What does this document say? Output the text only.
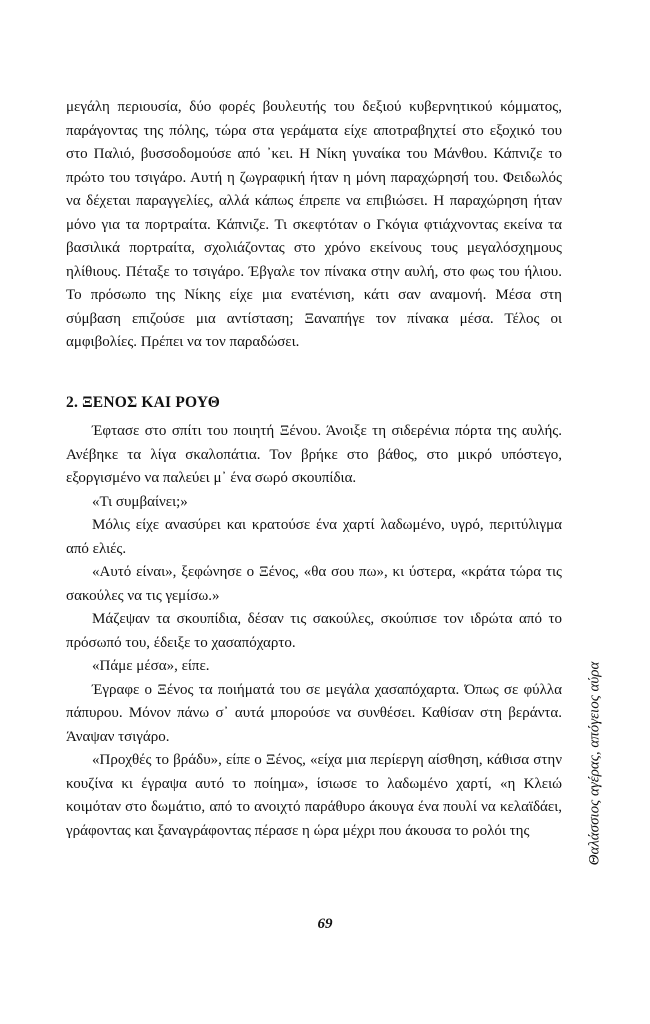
μεγάλη περιουσία, δύο φορές βουλευτής του δεξιού κυβερνητικού κόμματος, παράγοντας της πόλης, τώρα στα γεράματα είχε αποτραβηχτεί στο εξοχικό του στο Παλιό, βυσσοδομούσε από ᾽κει. Η Νίκη γυναίκα του Μάνθου. Κάπνιζε το πρώτο του τσιγάρο. Αυτή η ζωγραφική ήταν η μόνη παραχώρησή του. Φειδωλός να δέχεται παραγγελίες, αλλά κάπως έπρεπε να επιβιώσει. Η παραχώρηση ήταν μόνο για τα πορτραίτα. Κάπνιζε. Τι σκεφτόταν ο Γκόγια φτιάχνοντας εκείνα τα βασιλικά πορτραίτα, σχολιάζοντας στο χρόνο εκείνους τους μεγαλόσχημους ηλίθιους. Πέταξε το τσιγάρο. Έβγαλε τον πίνακα στην αυλή, στο φως του ήλιου. Το πρόσωπο της Νίκης είχε μια ενατένιση, κάτι σαν αναμονή. Μέσα στη σύμβαση επιζούσε μια αντίσταση; Ξαναπήγε τον πίνακα μέσα. Τέλος οι αμφιβολίες. Πρέπει να τον παραδώσει.

2. ΞΕΝΟΣ ΚΑΙ ΡΟΥΘ

Έφτασε στο σπίτι του ποιητή Ξένου. Άνοιξε τη σιδερένια πόρτα της αυλής. Ανέβηκε τα λίγα σκαλοπάτια. Τον βρήκε στο βάθος, στο μικρό υπόστεγο, εξοργισμένο να παλεύει μ᾽ ένα σωρό σκουπίδια.

«Τι συμβαίνει;»

Μόλις είχε ανασύρει και κρατούσε ένα χαρτί λαδωμένο, υγρό, περιτύλιγμα από ελιές.

«Αυτό είναι», ξεφώνησε ο Ξένος, «θα σου πω», κι ύστερα, «κράτα τώρα τις σακούλες να τις γεμίσω.»

Μάζεψαν τα σκουπίδια, δέσαν τις σακούλες, σκούπισε τον ιδρώτα από το πρόσωπό του, έδειξε το χασαπόχαρτο.

«Πάμε μέσα», είπε.

Έγραφε ο Ξένος τα ποιήματά του σε μεγάλα χασαπόχαρτα. Όπως σε φύλλα πάπυρου. Μόνον πάνω σ᾽ αυτά μπορούσε να συνθέσει. Καθίσαν στη βεράντα. Άναψαν τσιγάρο.

«Προχθές το βράδυ», είπε ο Ξένος, «είχα μια περίεργη αίσθηση, κάθισα στην κουζίνα κι έγραψα αυτό το ποίημα», ίσιωσε το λαδωμένο χαρτί, «η Κλειώ κοιμόταν στο δωμάτιο, από το ανοιχτό παράθυρο άκουγα ένα πουλί να κελαϊδάει, γράφοντας και ξαναγράφοντας πέρασε η ώρα μέχρι που άκουσα το ρολόι της	Θαλάσσιος αγέρας, απόγειος αύρα
69
